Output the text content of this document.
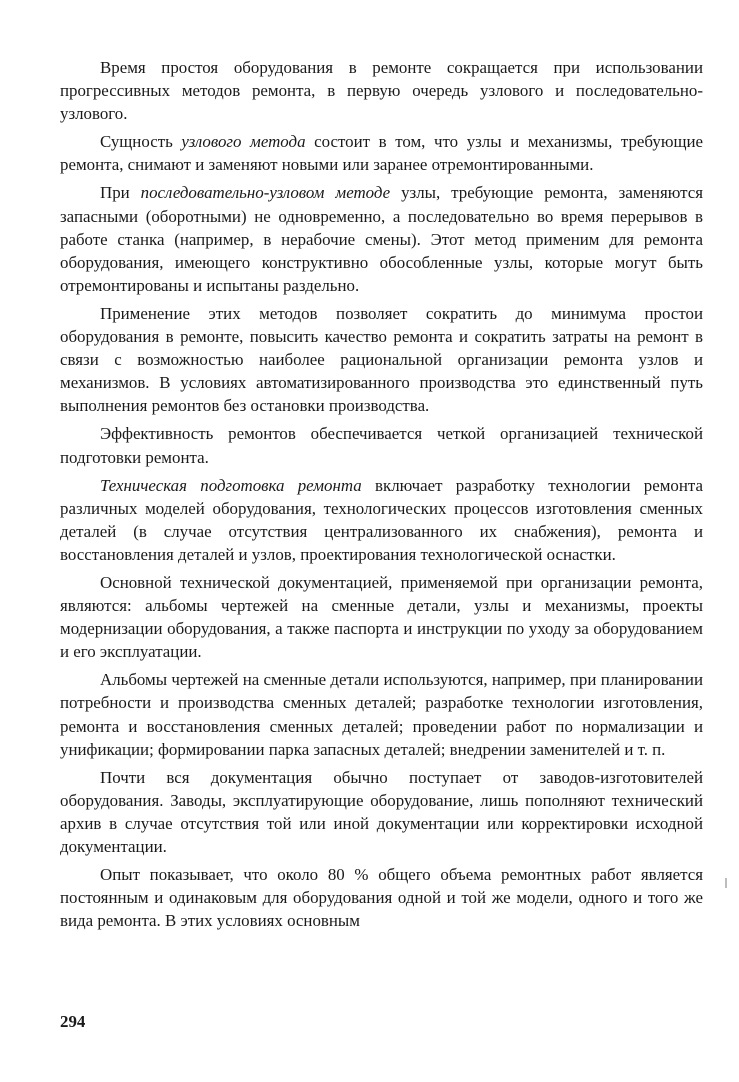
Время простоя оборудования в ремонте сокращается при использовании прогрессивных методов ремонта, в первую очередь узлового и последовательно-узлового.

Сущность узлового метода состоит в том, что узлы и механизмы, требующие ремонта, снимают и заменяют новыми или заранее отремонтированными.

При последовательно-узловом методе узлы, требующие ремонта, заменяются запасными (оборотными) не одновременно, а последовательно во время перерывов в работе станка (например, в нерабочие смены). Этот метод применим для ремонта оборудования, имеющего конструктивно обособленные узлы, которые могут быть отремонтированы и испытаны раздельно.

Применение этих методов позволяет сократить до минимума простои оборудования в ремонте, повысить качество ремонта и сократить затраты на ремонт в связи с возможностью наиболее рациональной организации ремонта узлов и механизмов. В условиях автоматизированного производства это единственный путь выполнения ремонтов без остановки производства.

Эффективность ремонтов обеспечивается четкой организацией технической подготовки ремонта.

Техническая подготовка ремонта включает разработку технологии ремонта различных моделей оборудования, технологических процессов изготовления сменных деталей (в случае отсутствия централизованного их снабжения), ремонта и восстановления деталей и узлов, проектирования технологической оснастки.

Основной технической документацией, применяемой при организации ремонта, являются: альбомы чертежей на сменные детали, узлы и механизмы, проекты модернизации оборудования, а также паспорта и инструкции по уходу за оборудованием и его эксплуатации.

Альбомы чертежей на сменные детали используются, например, при планировании потребности и производства сменных деталей; разработке технологии изготовления, ремонта и восстановления сменных деталей; проведении работ по нормализации и унификации; формировании парка запасных деталей; внедрении заменителей и т. п.

Почти вся документация обычно поступает от заводов-изготовителей оборудования. Заводы, эксплуатирующие оборудование, лишь пополняют технический архив в случае отсутствия той или иной документации или корректировки исходной документации.

Опыт показывает, что около 80 % общего объема ремонтных работ является постоянным и одинаковым для оборудования одной и той же модели, одного и того же вида ремонта. В этих условиях основным

294
